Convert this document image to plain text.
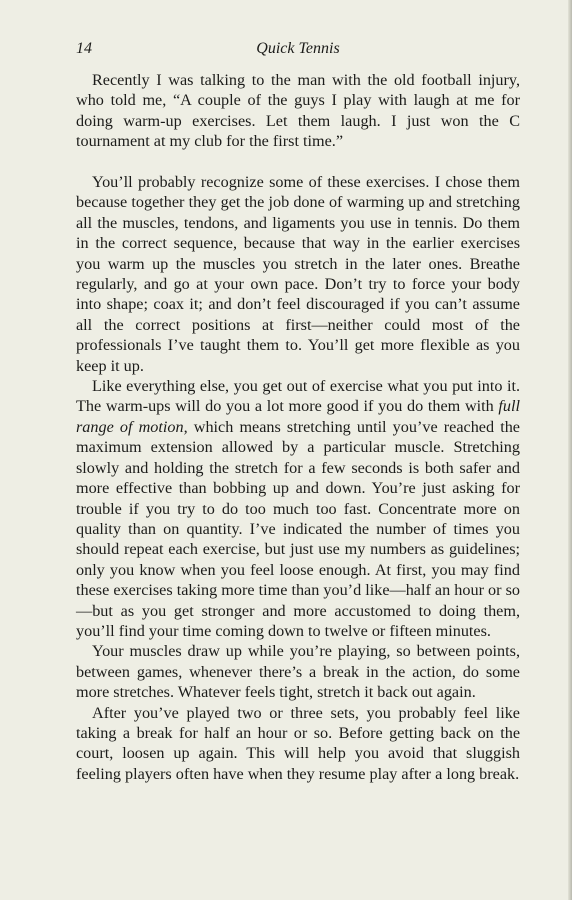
14	Quick Tennis

Recently I was talking to the man with the old football injury, who told me, “A couple of the guys I play with laugh at me for doing warm-up exercises. Let them laugh. I just won the C tournament at my club for the first time.”

You’ll probably recognize some of these exercises. I chose them because together they get the job done of warming up and stretching all the muscles, tendons, and ligaments you use in tennis. Do them in the correct sequence, because that way in the earlier exercises you warm up the muscles you stretch in the later ones. Breathe regularly, and go at your own pace. Don’t try to force your body into shape; coax it; and don’t feel discouraged if you can’t assume all the correct positions at first—neither could most of the professionals I’ve taught them to. You’ll get more flexible as you keep it up.

Like everything else, you get out of exercise what you put into it. The warm-ups will do you a lot more good if you do them with full range of motion, which means stretching until you’ve reached the maximum extension allowed by a particular muscle. Stretching slowly and holding the stretch for a few seconds is both safer and more effective than bobbing up and down. You’re just asking for trouble if you try to do too much too fast. Concentrate more on quality than on quantity. I’ve indicated the number of times you should repeat each exercise, but just use my numbers as guidelines; only you know when you feel loose enough. At first, you may find these exercises taking more time than you’d like—half an hour or so—but as you get stronger and more accustomed to doing them, you’ll find your time coming down to twelve or fifteen minutes.

Your muscles draw up while you’re playing, so between points, between games, whenever there’s a break in the action, do some more stretches. Whatever feels tight, stretch it back out again.

After you’ve played two or three sets, you probably feel like taking a break for half an hour or so. Before getting back on the court, loosen up again. This will help you avoid that sluggish feeling players often have when they resume play after a long break.
